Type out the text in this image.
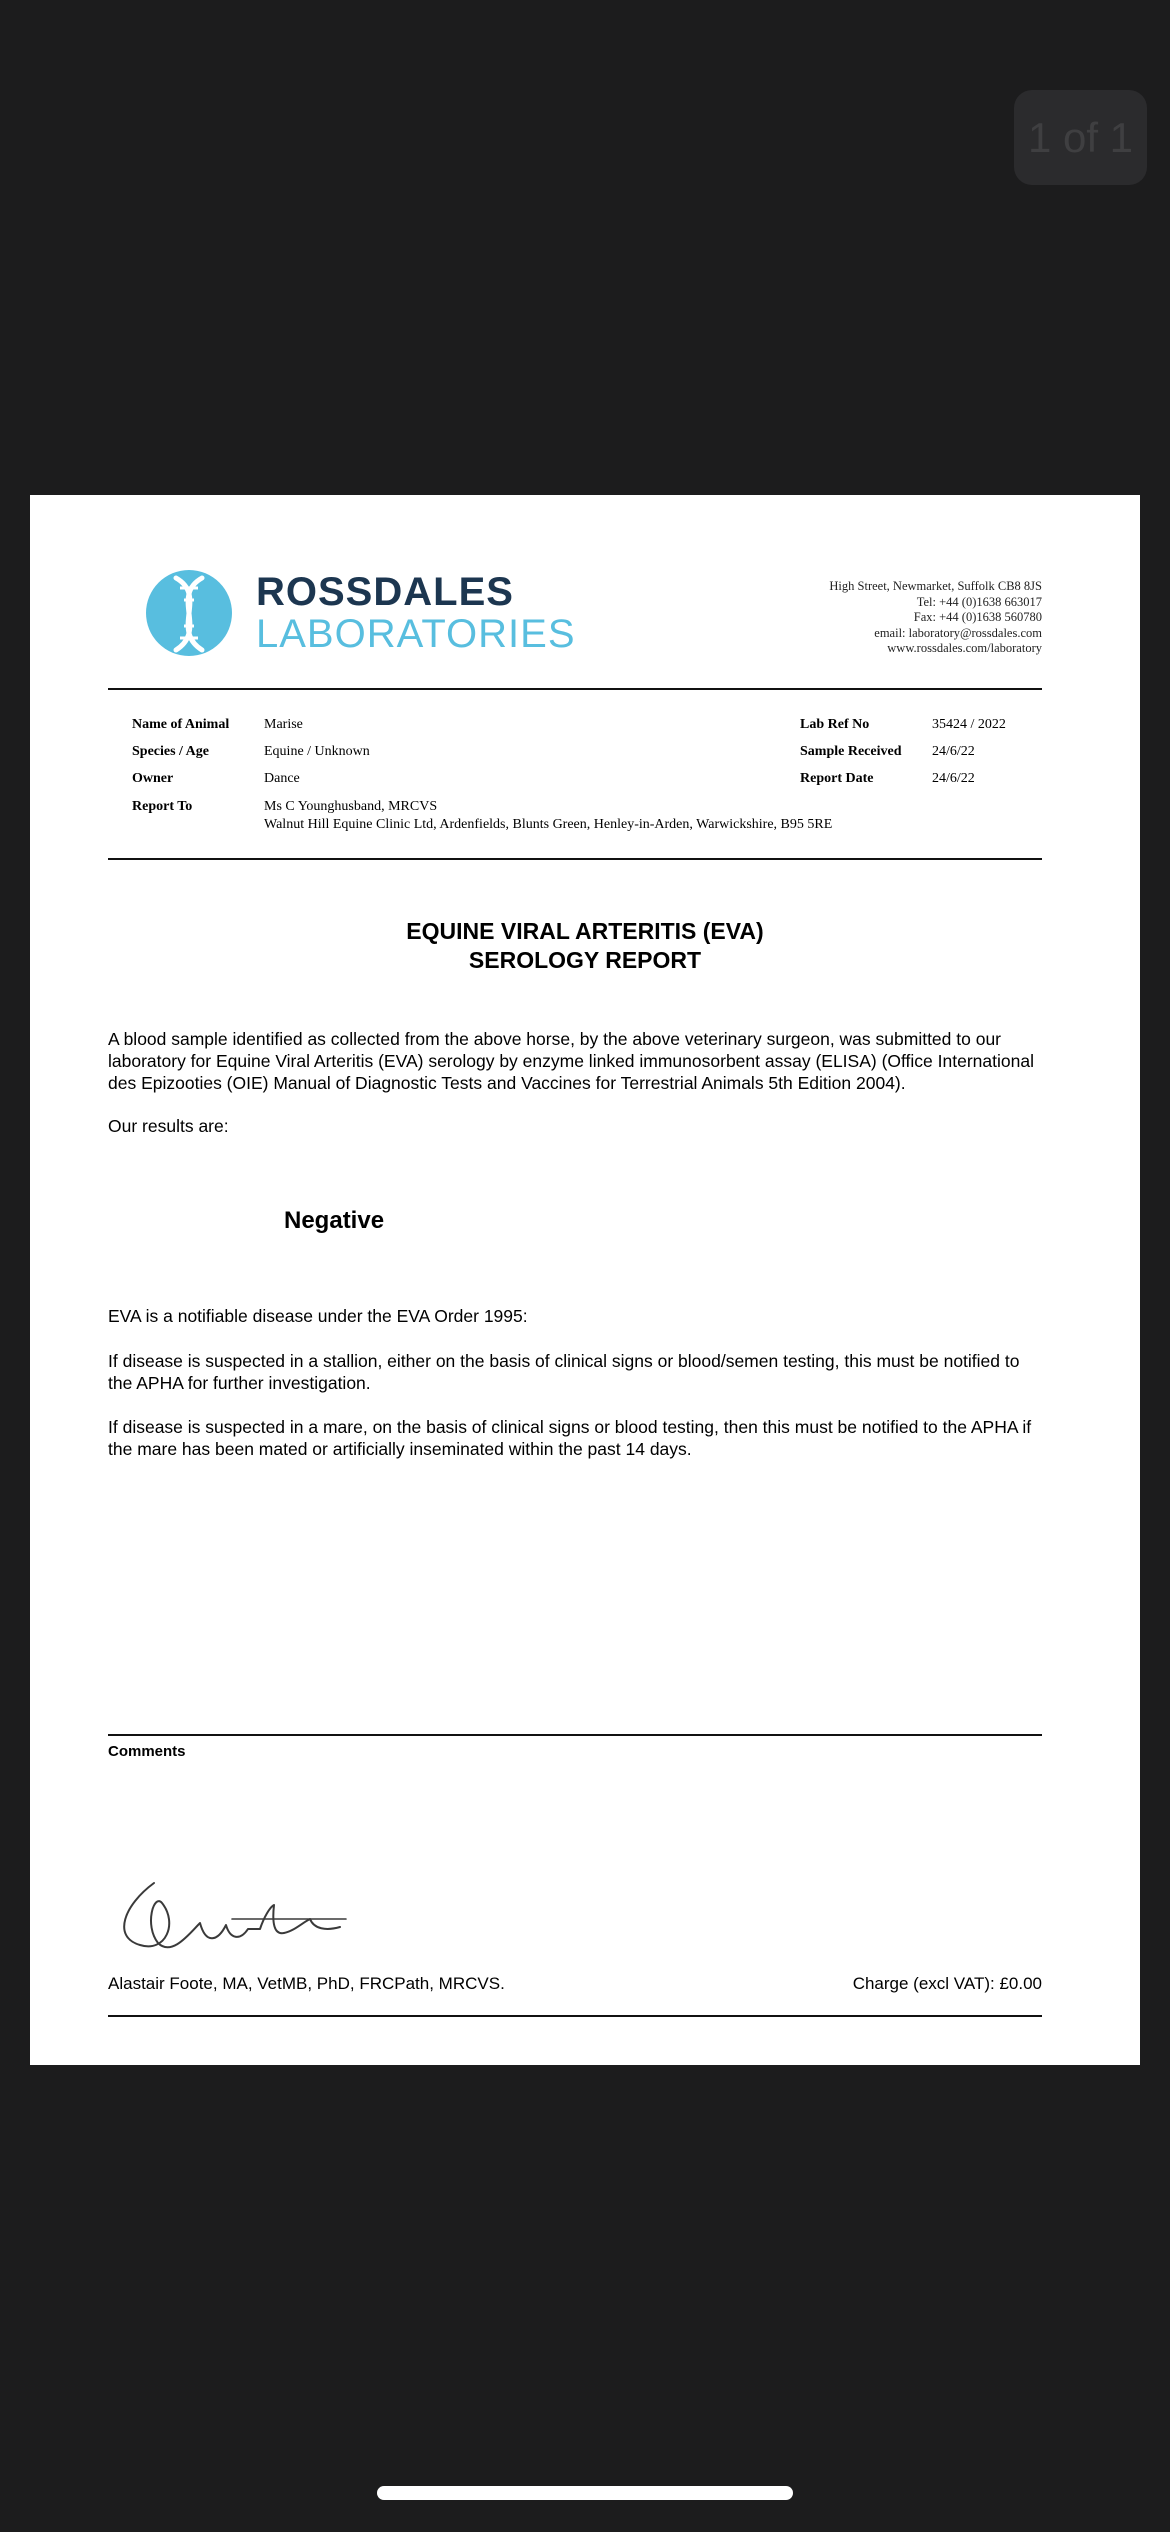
1 of 1
ROSSDALES
LABORATORIES
High Street, Newmarket, Suffolk CB8 8JS
Tel: +44 (0)1638 663017
Fax: +44 (0)1638 560780
email: laboratory@rossdales.com
www.rossdales.com/laboratory
Name of Animal Marise
Species / Age	Equine / Unknown
Owner	Dance
Report To	Ms C Younghusband, MRCVS
Walnut Hill Equine Clinic Ltd, Ardenfields, Blunts Green, Henley-in-Arden, Warwickshire, B95 5RE
Lab Ref No	35424 / 2022
Sample Received 24/6/22
Report Date	24/6/22
EQUINE VIRAL ARTERITIS (EVA)
SEROLOGY REPORT
A blood sample identified as collected from the above horse, by the above veterinary surgeon, was submitted to our laboratory for Equine Viral Arteritis (EVA) serology by enzyme linked immunosorbent assay (ELISA) (Office International des Epizooties (OIE) Manual of Diagnostic Tests and Vaccines for Terrestrial Animals 5th Edition 2004).
Our results are:
Negative
EVA is a notifiable disease under the EVA Order 1995:
If disease is suspected in a stallion, either on the basis of clinical signs or blood/semen testing, this must be notified to the APHA for further investigation.
If disease is suspected in a mare, on the basis of clinical signs or blood testing, then this must be notified to the APHA if the mare has been mated or artificially inseminated within the past 14 days.
Comments
Alastair Foote, MA, VetMB, PhD, FRCPath, MRCVS.	Charge (excl VAT): £0.00
